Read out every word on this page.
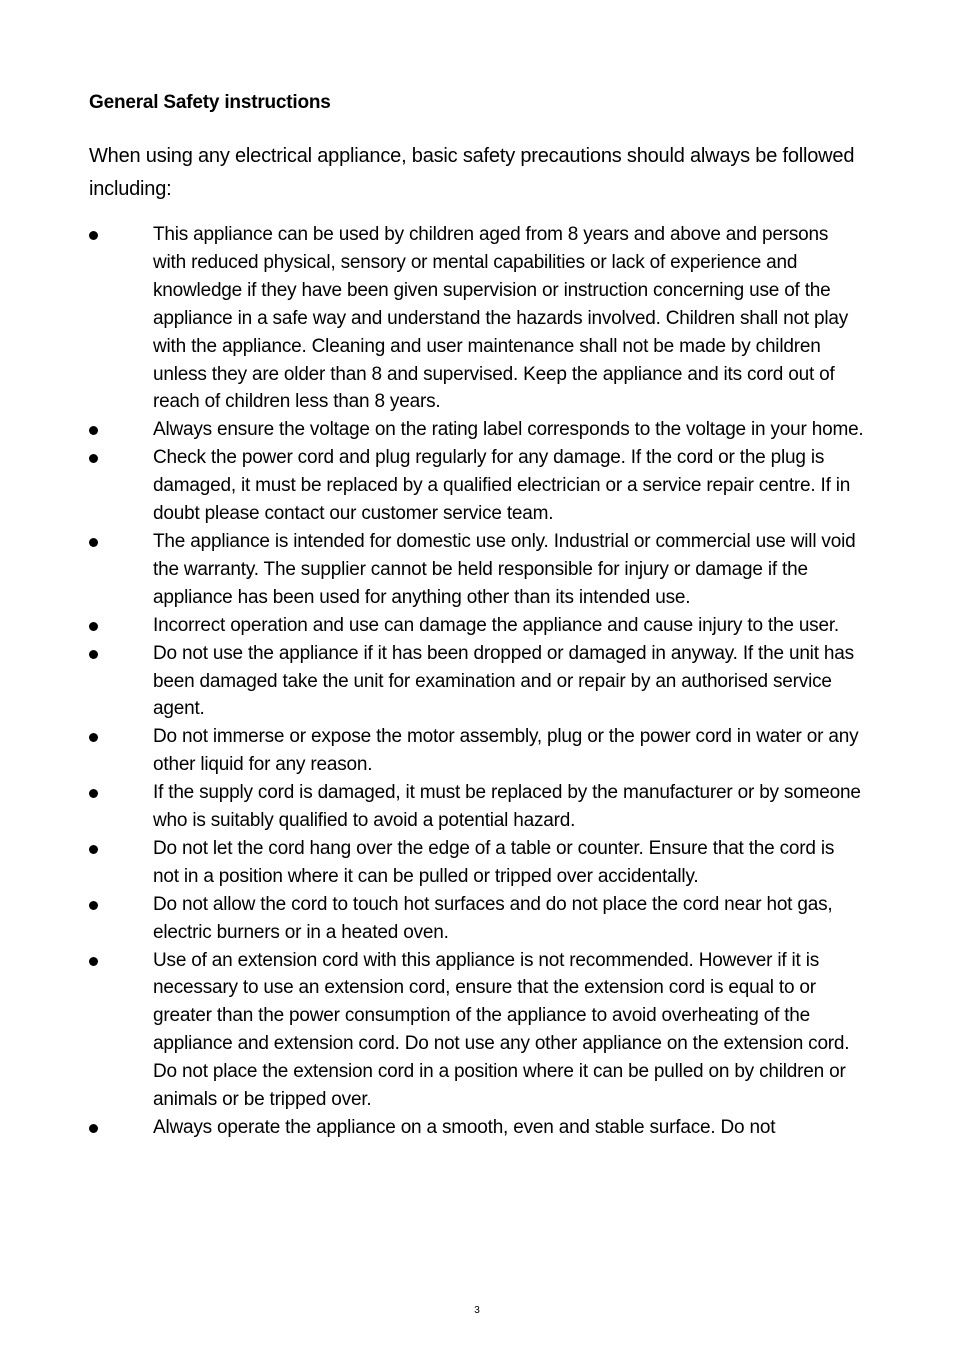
General Safety instructions
When using any electrical appliance, basic safety precautions should always be followed including:
This appliance can be used by children aged from 8 years and above and persons with reduced physical, sensory or mental capabilities or lack of experience and knowledge if they have been given supervision or instruction concerning use of the appliance in a safe way and understand the hazards involved. Children shall not play with the appliance. Cleaning and user maintenance shall not be made by children unless they are older than 8 and supervised. Keep the appliance and its cord out of reach of children less than 8 years.
Always ensure the voltage on the rating label corresponds to the voltage in your home.
Check the power cord and plug regularly for any damage. If the cord or the plug is damaged, it must be replaced by a qualified electrician or a service repair centre. If in doubt please contact our customer service team.
The appliance is intended for domestic use only. Industrial or commercial use will void the warranty. The supplier cannot be held responsible for injury or damage if the appliance has been used for anything other than its intended use.
Incorrect operation and use can damage the appliance and cause injury to the user.
Do not use the appliance if it has been dropped or damaged in anyway. If the unit has been damaged take the unit for examination and or repair by an authorised service agent.
Do not immerse or expose the motor assembly, plug or the power cord in water or any other liquid for any reason.
If the supply cord is damaged, it must be replaced by the manufacturer or by someone who is suitably qualified to avoid a potential hazard.
Do not let the cord hang over the edge of a table or counter. Ensure that the cord is not in a position where it can be pulled or tripped over accidentally.
Do not allow the cord to touch hot surfaces and do not place the cord near hot gas, electric burners or in a heated oven.
Use of an extension cord with this appliance is not recommended. However if it is necessary to use an extension cord, ensure that the extension cord is equal to or greater than the power consumption of the appliance to avoid overheating of the appliance and extension cord. Do not use any other appliance on the extension cord. Do not place the extension cord in a position where it can be pulled on by children or animals or be tripped over.
Always operate the appliance on a smooth, even and stable surface. Do not
3
